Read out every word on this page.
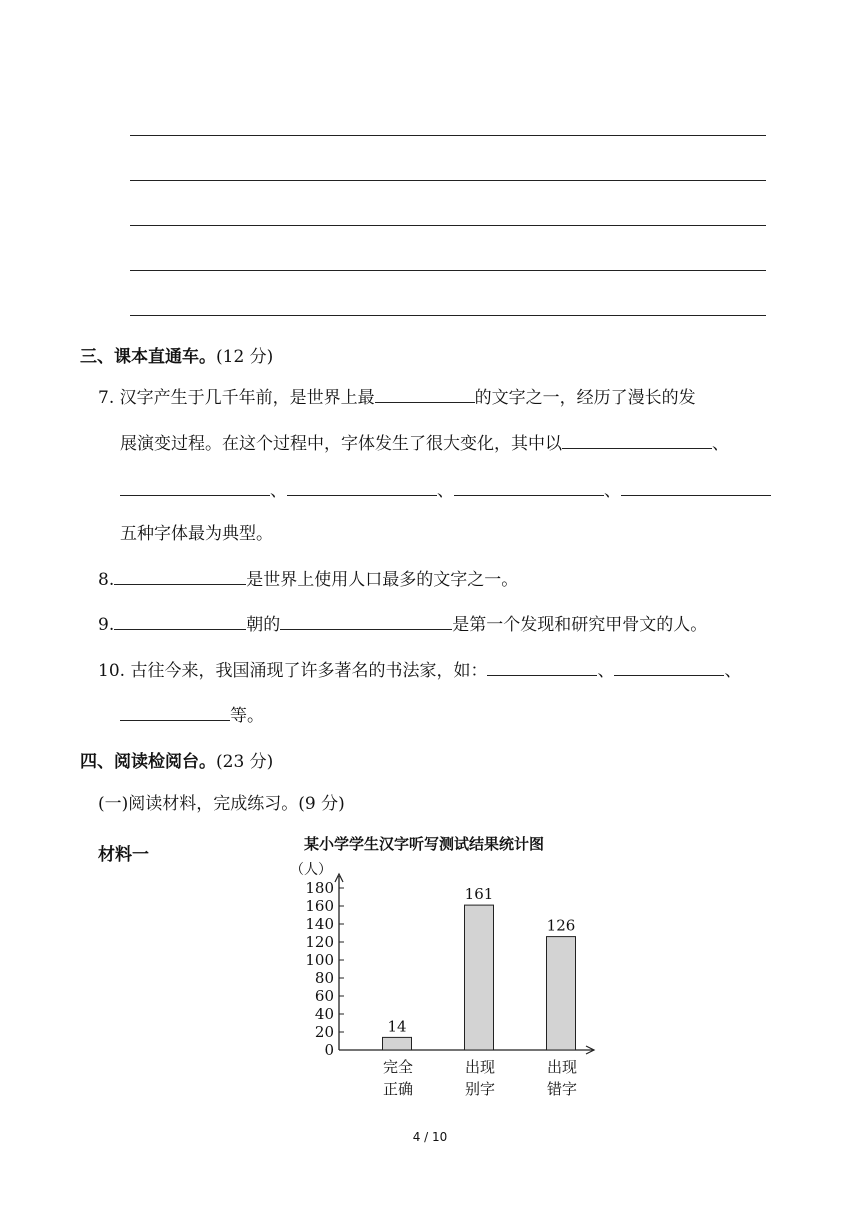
三、课本直通车。(12 分)
7. 汉字产生于几千年前，是世界上最	的文字之一，经历了漫长的发
展演变过程。在这个过程中，字体发生了很大变化，其中以	、
、	、	、
五种字体最为典型。
8.	是世界上使用人口最多的文字之一。
9.	朝的	是第一个发现和研究甲骨文的人。
10. 古往今来，我国涌现了许多著名的书法家，如：	、	、
等。
四、阅读检阅台。(23 分)
(一)阅读材料，完成练习。(9 分)
材料一
某小学学生汉字听写测试结果统计图
（人）
0
20
40
60
80
100
120
140
160
180
14
完全
正确
161
出现
别字
126
出现
错字
4 / 10
